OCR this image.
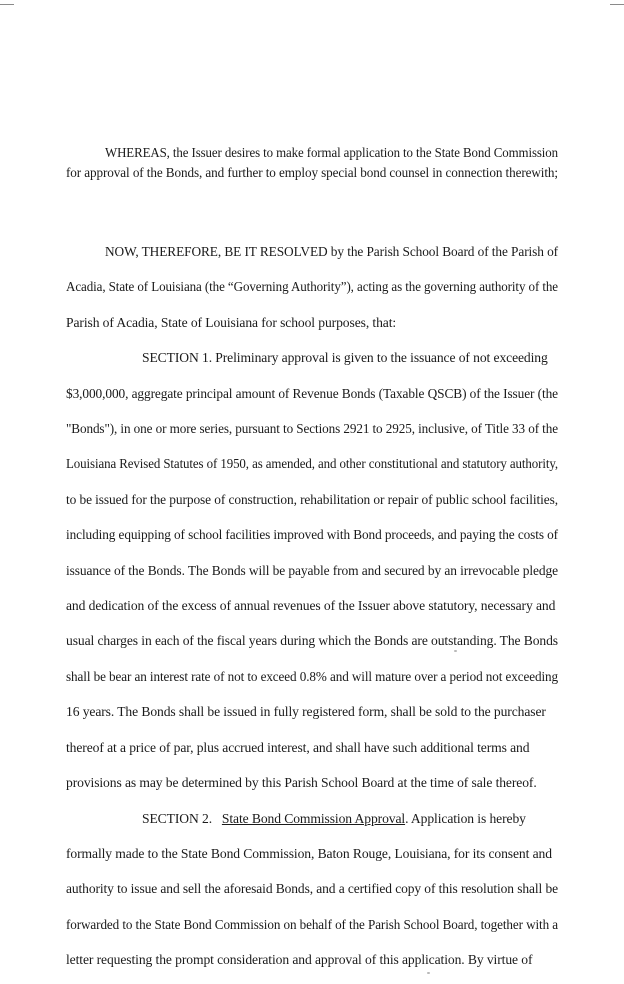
WHEREAS, the Issuer desires to make formal application to the State Bond Commission
for approval of the Bonds, and further to employ special bond counsel in connection therewith;
NOW, THEREFORE, BE IT RESOLVED by the Parish School Board of the Parish of
Acadia, State of Louisiana (the “Governing Authority”), acting as the governing authority of the
Parish of Acadia, State of Louisiana for school purposes, that:
SECTION 1. Preliminary approval is given to the issuance of not exceeding
$3,000,000, aggregate principal amount of Revenue Bonds (Taxable QSCB) of the Issuer (the
"Bonds"), in one or more series, pursuant to Sections 2921 to 2925, inclusive, of Title 33 of the
Louisiana Revised Statutes of 1950, as amended, and other constitutional and statutory authority,
to be issued for the purpose of construction, rehabilitation or repair of public school facilities,
including equipping of school facilities improved with Bond proceeds, and paying the costs of
issuance of the Bonds. The Bonds will be payable from and secured by an irrevocable pledge
and dedication of the excess of annual revenues of the Issuer above statutory, necessary and
usual charges in each of the fiscal years during which the Bonds are outstanding. The Bonds
shall be bear an interest rate of not to exceed 0.8% and will mature over a period not exceeding
16 years. The Bonds shall be issued in fully registered form, shall be sold to the purchaser
thereof at a price of par, plus accrued interest, and shall have such additional terms and
provisions as may be determined by this Parish School Board at the time of sale thereof.
SECTION 2. State Bond Commission Approval. Application is hereby
formally made to the State Bond Commission, Baton Rouge, Louisiana, for its consent and
authority to issue and sell the aforesaid Bonds, and a certified copy of this resolution shall be
forwarded to the State Bond Commission on behalf of the Parish School Board, together with a
letter requesting the prompt consideration and approval of this application. By virtue of
